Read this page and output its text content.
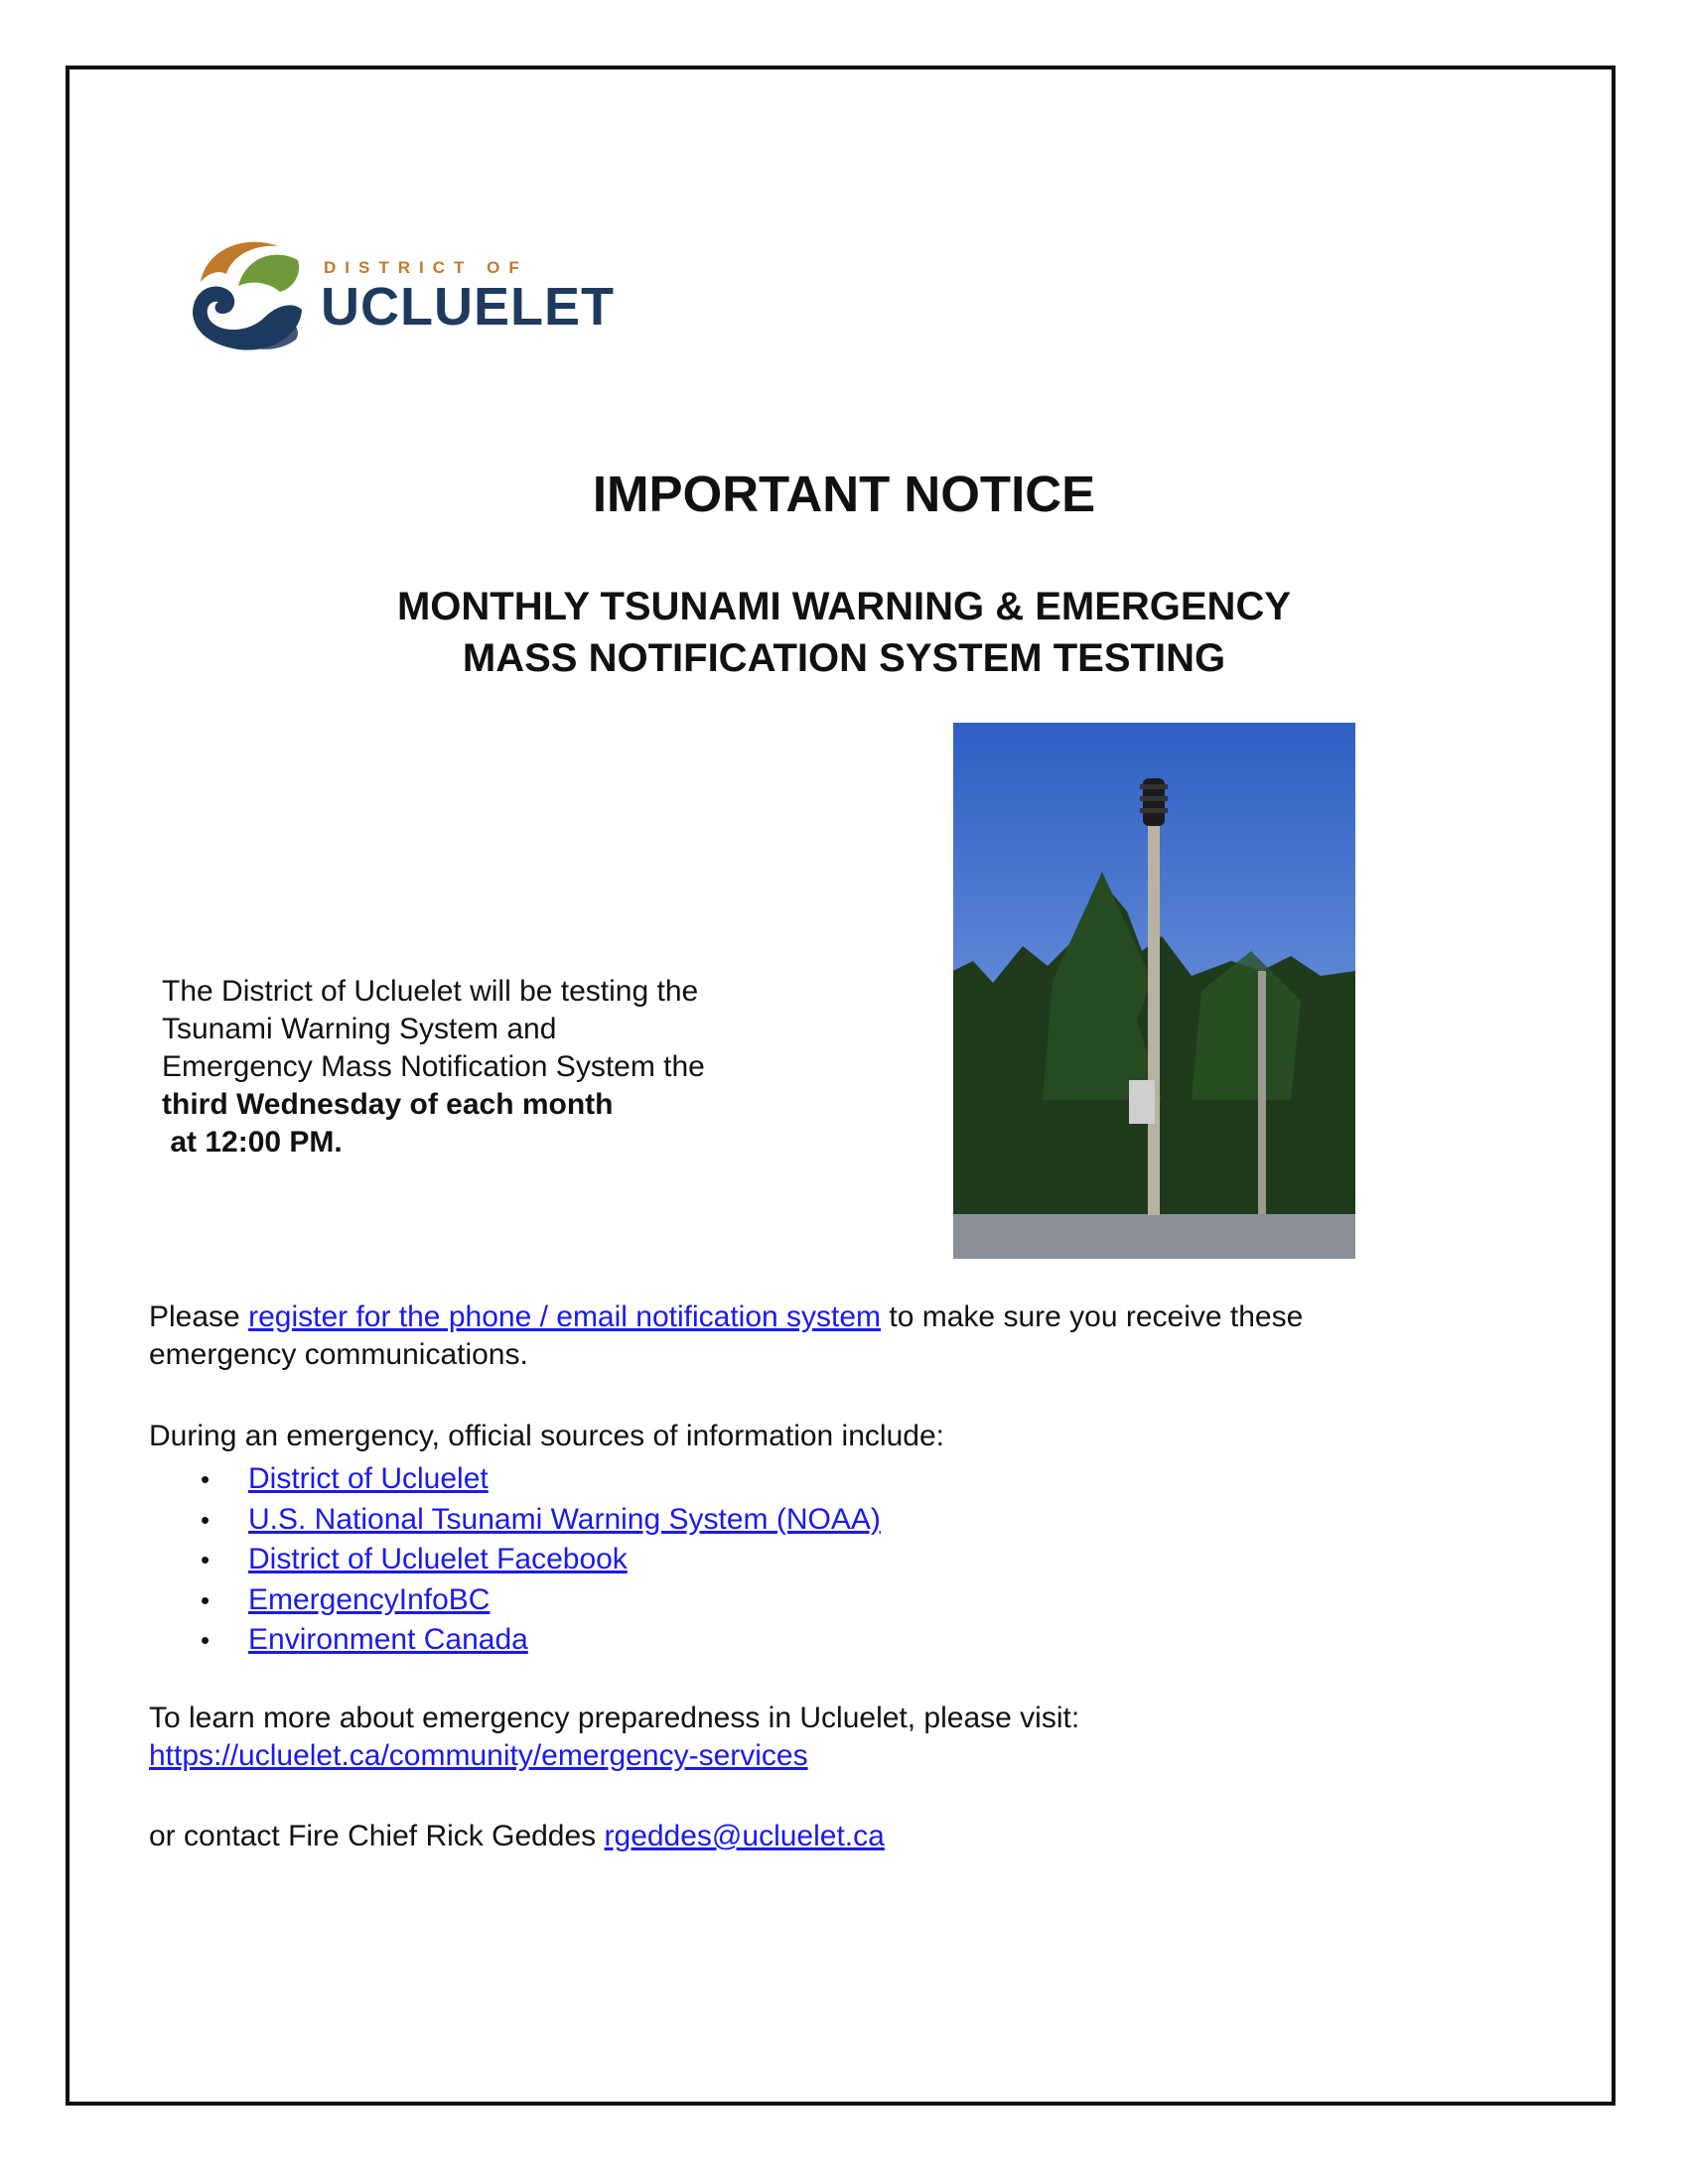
DISTRICT OF
UCLUELET
IMPORTANT NOTICE
MONTHLY TSUNAMI WARNING & EMERGENCY
MASS NOTIFICATION SYSTEM TESTING
The District of Ucluelet will be testing the
Tsunami Warning System and
Emergency Mass Notification System the
third Wednesday of each month
at 12:00 PM.
Please register for the phone / email notification system to make sure you receive these
emergency communications.
During an emergency, official sources of information include:
• District of Ucluelet
• U.S. National Tsunami Warning System (NOAA)
• District of Ucluelet Facebook
• EmergencyInfoBC
• Environment Canada
To learn more about emergency preparedness in Ucluelet, please visit:
https://ucluelet.ca/community/emergency-services
or contact Fire Chief Rick Geddes rgeddes@ucluelet.ca
